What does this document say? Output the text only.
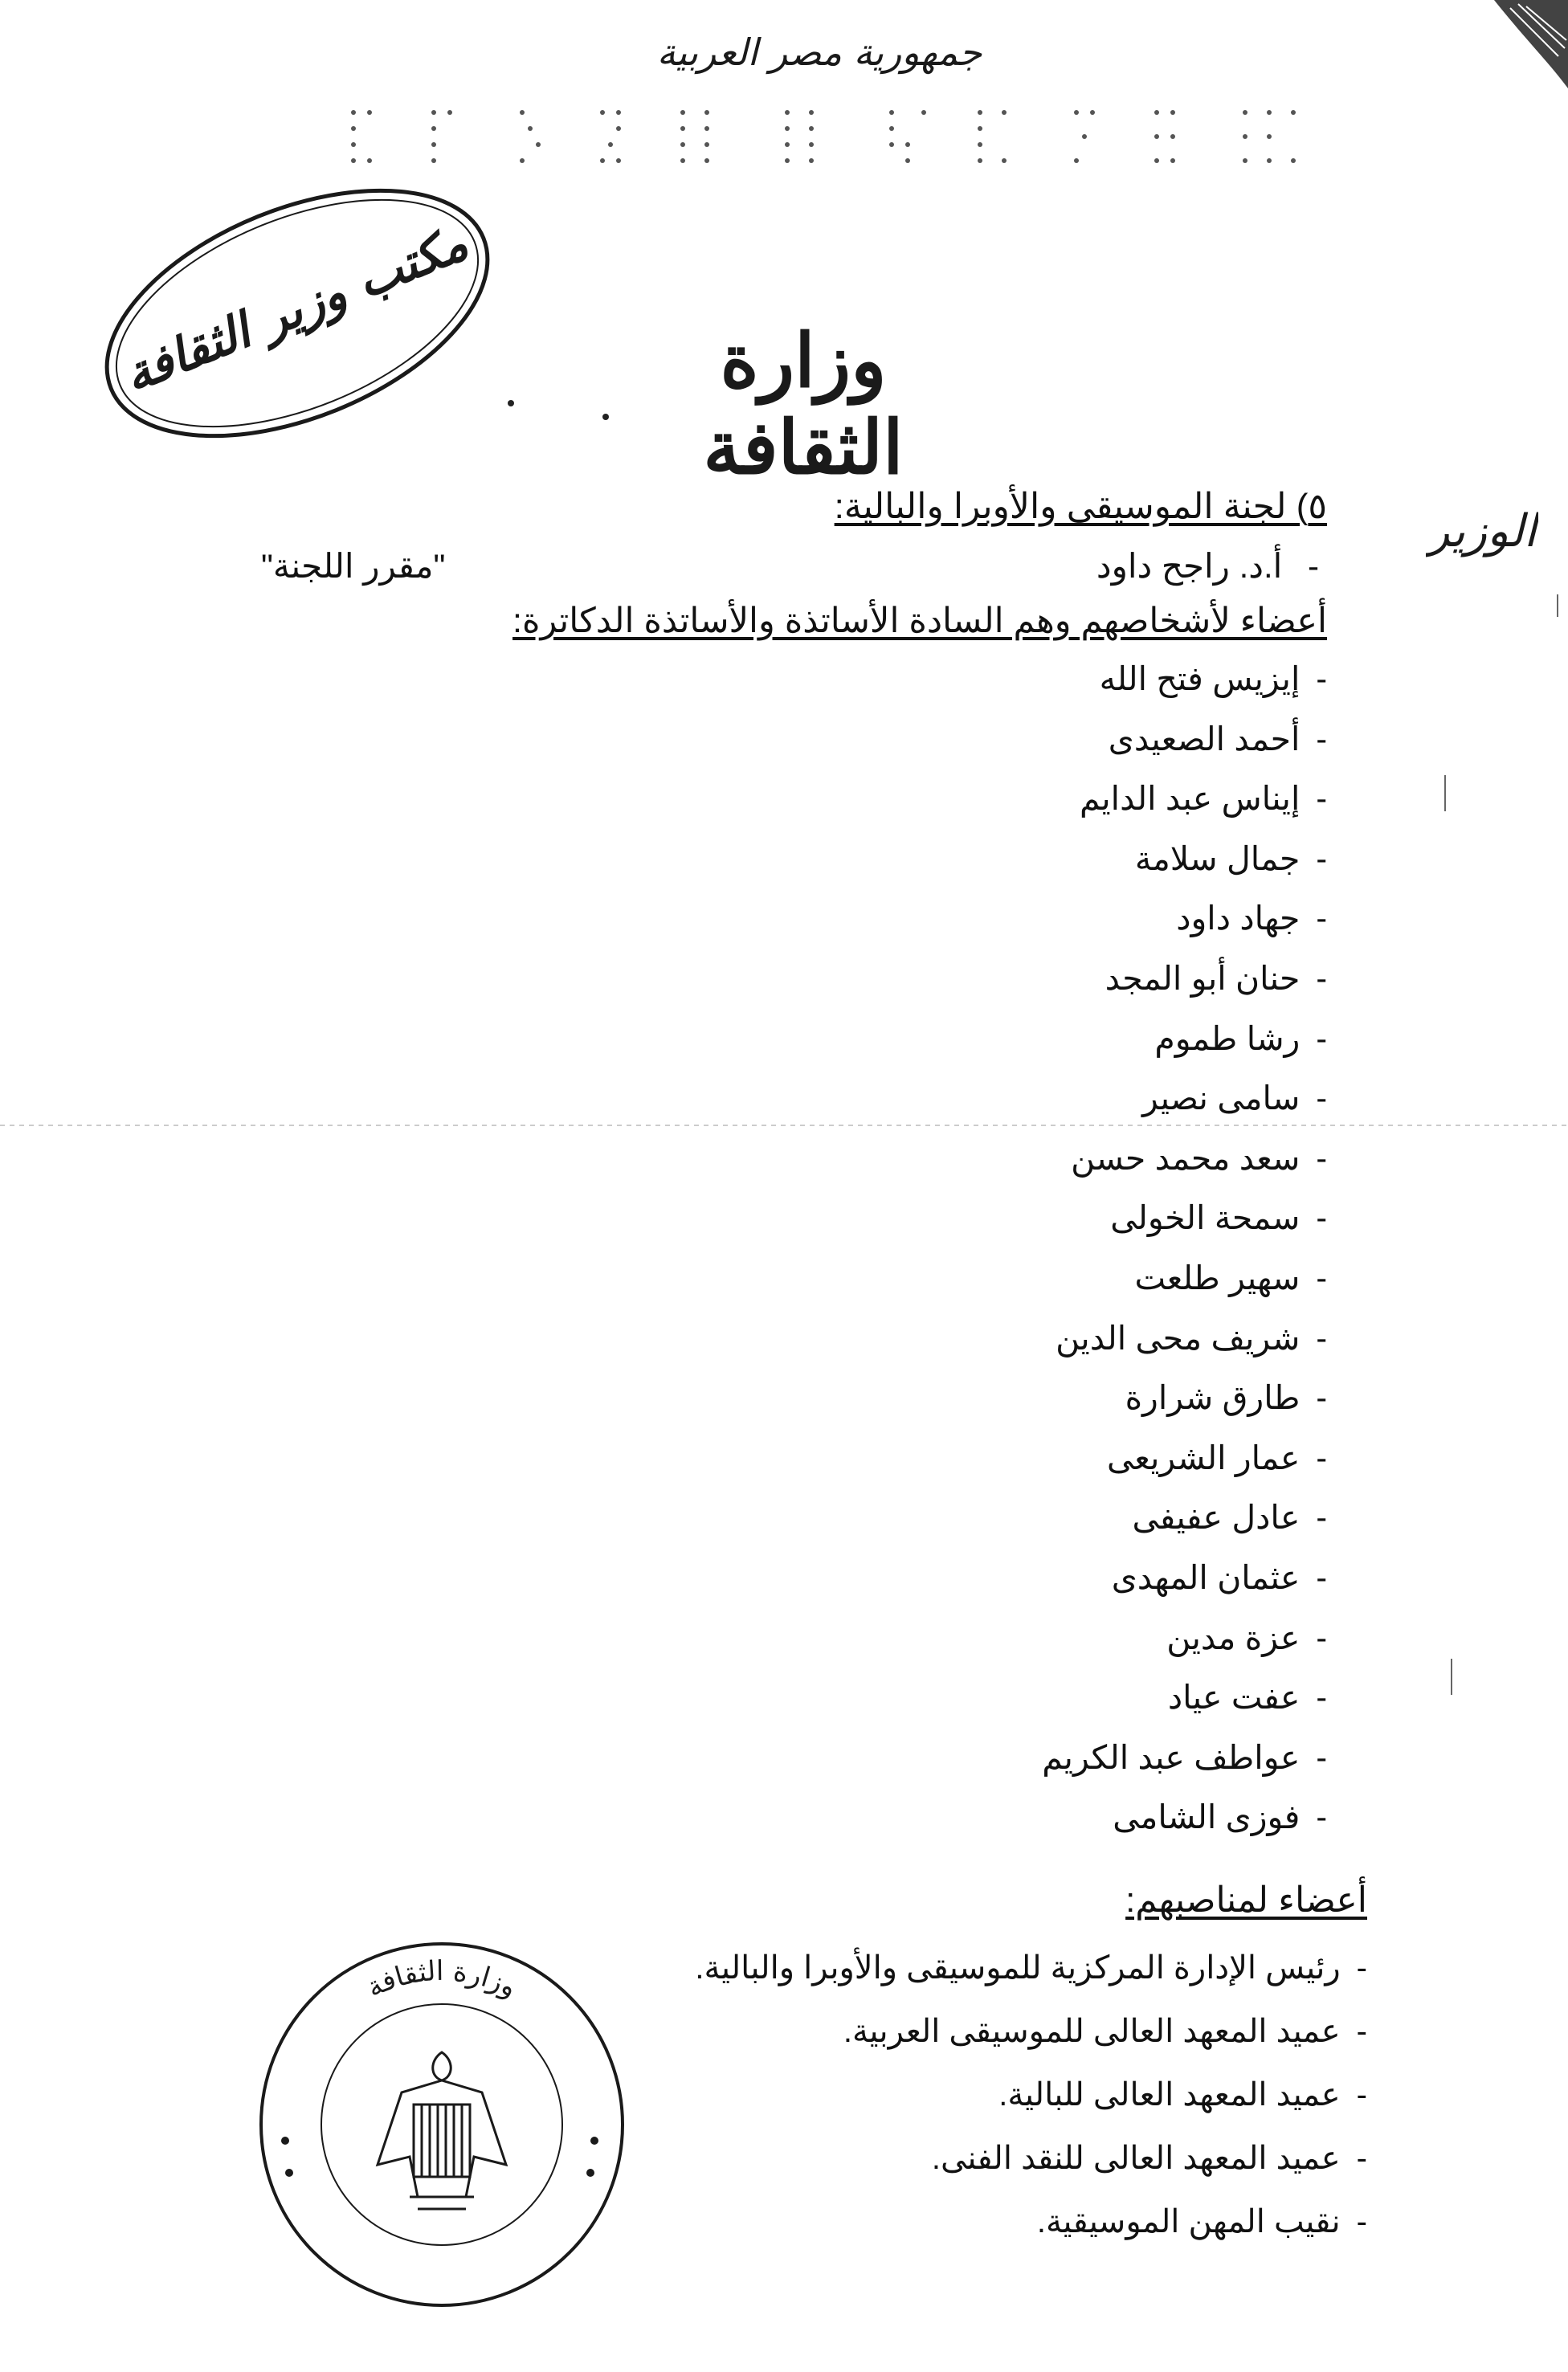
جمهورية مصر العربية
وزارة الثقافة
مكتب وزير الثقافة
الوزير
٥) لجنة الموسيقى والأوبرا والبالية:
- أ.د. راجح داود
"مقرر اللجنة"
أعضاء لأشخاصهم وهم السادة الأساتذة والأساتذة الدكاترة:
-إيزيس فتح الله
-أحمد الصعيدى
-إيناس عبد الدايم
-جمال سلامة
-جهاد داود
-حنان أبو المجد
-رشا طموم
-سامى نصير
-سعد محمد حسن
-سمحة الخولى
-سهير طلعت
-شريف محى الدين
-طارق شرارة
-عمار الشريعى
-عادل عفيفى
-عثمان المهدى
-عزة مدين
-عفت عياد
-عواطف عبد الكريم
-فوزى الشامى
أعضاء لمناصبهم:
-رئيس الإدارة المركزية للموسيقى والأوبرا والبالية.
-عميد المعهد العالى للموسيقى العربية.
-عميد المعهد العالى للبالية.
-عميد المعهد العالى للنقد الفنى.
-نقيب المهن الموسيقية.
وزارة الثقافة
